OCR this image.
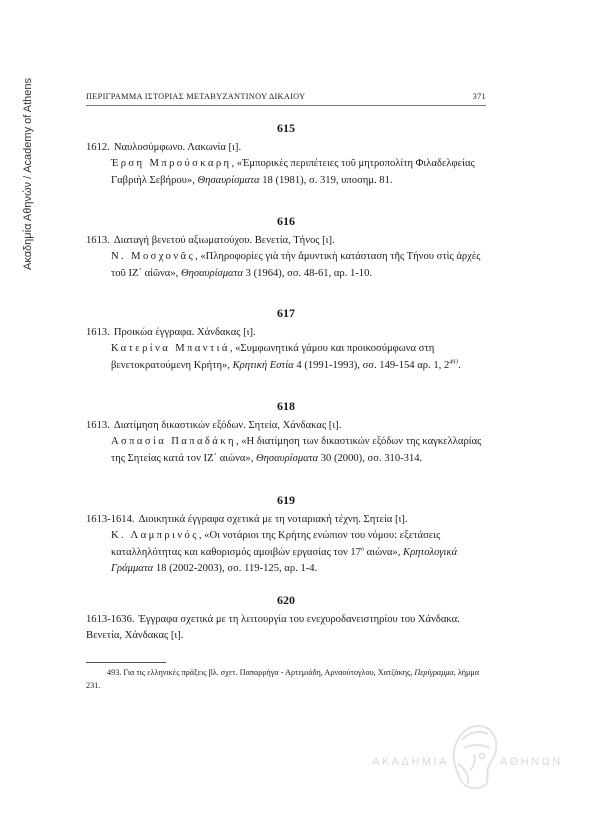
Ακαδημία Αθηνών / Academy of Athens	ΠΕΡΙΓΡΑΜΜΑ ΙΣΤΟΡΙΑΣ ΜΕΤΑΒΥΖΑΝΤΙΝΟΥ ΔΙΚΑΙΟΥ	371
615
1612. Ναυλοσύμφωνο. Λακωνία [ι].
Έρση Μπρούσκαρη, «Έμπορικὲς περιπέτειες τοῦ μητροπολίτη Φιλαδελφείας Γαβριὴλ Σεβήρου», Θησαυρίσματα 18 (1981), σ. 319, υποσημ. 81.
616
1613. Διαταγή βενετού αξιωματούχου. Βενετία, Τήνος [ι].
Ν. Μοσχονᾶς, «Πληροφορίες γιὰ τὴν ἄμυντικὴ κατάσταση τῆς Τήνου στὶς ἀρχὲς τοῦ ΙΖ΄ αἰῶνα», Θησαυρίσματα 3 (1964), σσ. 48-61, αρ. 1-10.
617
1613. Προικώα έγγραφα. Χάνδακας [ι].
Κατερίνα Μπαντιά, «Συμφωνητικά γάμου και προικοσύμφωνα στη βενετοκρατούμενη Κρήτη», Κρητική Εστία 4 (1991-1993), σσ. 149-154 αρ. 1, $2^{493}$.
618
1613. Διατίμηση δικαστικών εξόδων. Σητεία, Χάνδακας [ι].
Ασπασία Παπαδάκη, «Η διατίμηση των δικαστικών εξόδων της καγκελλαρίας της Σητείας κατά τον ΙΖ΄ αιώνα», Θησαυρίσματα 30 (2000), σσ. 310-314.
619
1613-1614. Διοικητικά έγγραφα σχετικά με τη νοταριακή τέχνη. Σητεία [ι].
Κ. Λαμπρινός, «Οι νοτάριοι της Κρήτης ενώπιον του νόμου: εξετάσεις καταλληλότητας και καθορισμός αμοιβών εργασίας τον $17^o$ αιώνα», Κρητολογικά Γράμματα 18 (2002-2003), σσ. 119-125, αρ. 1-4.
620
1613-1636. Έγγραφα σχετικά με τη λειτουργία του ενεχυροδανειστηρίου του Χάνδακα. Βενετία, Χάνδακας [ι].
493. Για τις ελληνικές πράξεις βλ. σχετ. Παπαρρήγα - Αρτεμιάδη, Αρναούτογλου, Χατζάκης, Περίγραμμα, λήμμα 231.
ΑΚΑΔΗΜΙΑ	ΑΘΗΝΩΝ
